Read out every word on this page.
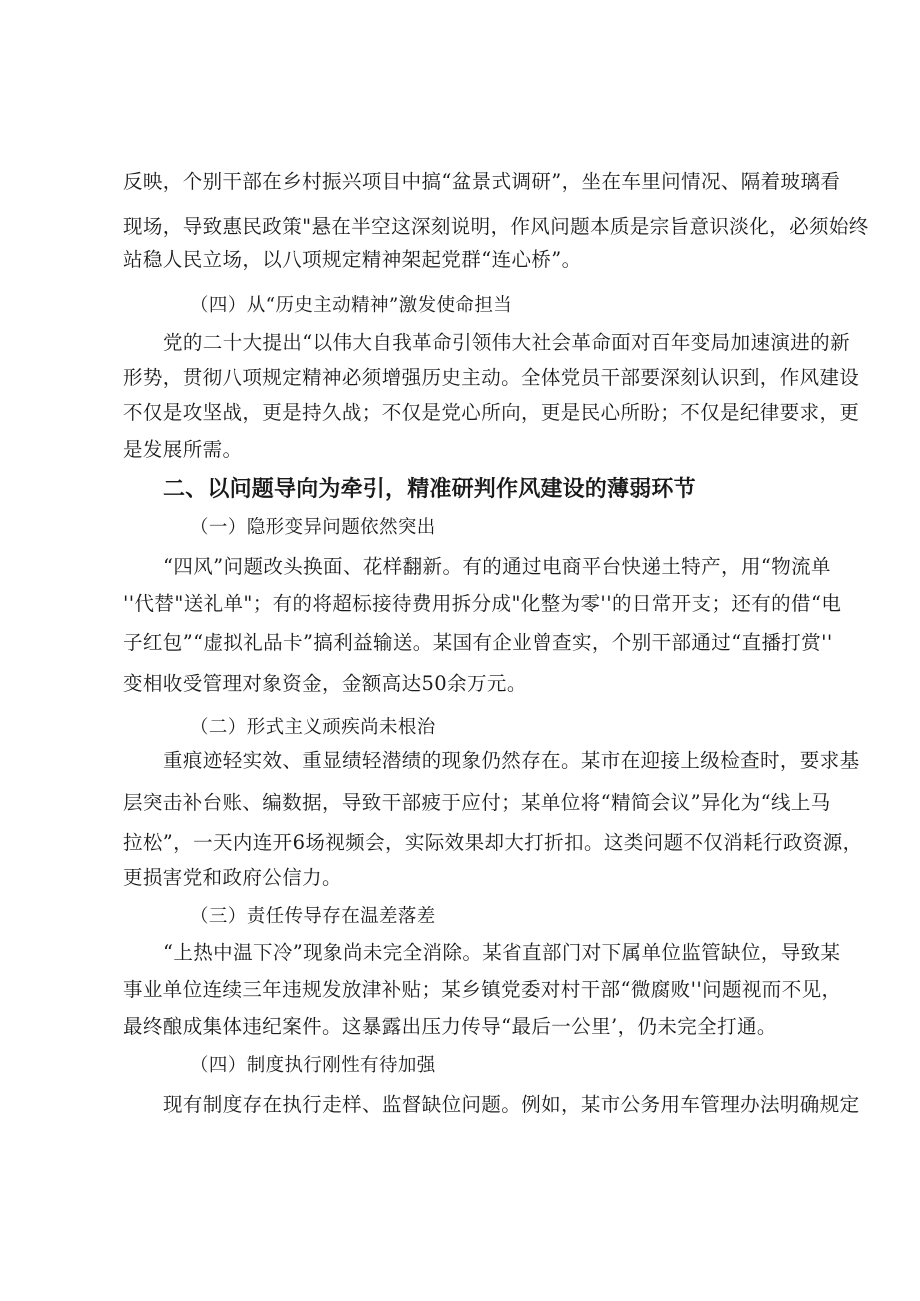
反映，个别干部在乡村振兴项目中搞“盆景式调研”，坐在车里问情况、隔着玻璃看
现场，导致惠民政策"悬在半空这深刻说明，作风问题本质是宗旨意识淡化，必须始终
站稳人民立场，以八项规定精神架起党群“连心桥”。
（四）从“历史主动精神”激发使命担当
党的二十大提出“以伟大自我革命引领伟大社会革命面对百年变局加速演进的新
形势，贯彻八项规定精神必须增强历史主动。全体党员干部要深刻认识到，作风建设
不仅是攻坚战，更是持久战；不仅是党心所向，更是民心所盼；不仅是纪律要求，更
是发展所需。
二、以问题导向为牵引，精准研判作风建设的薄弱环节
（一）隐形变异问题依然突出
“四风”问题改头换面、花样翻新。有的通过电商平台快递土特产，用“物流单
''代替"送礼单"；有的将超标接待费用拆分成"化整为零''的日常开支；还有的借“电
子红包”“虚拟礼品卡”搞利益输送。某国有企业曾查实，个别干部通过“直播打赏''
变相收受管理对象资金，金额高达50余万元。
（二）形式主义顽疾尚未根治
重痕迹轻实效、重显绩轻潜绩的现象仍然存在。某市在迎接上级检查时，要求基
层突击补台账、编数据，导致干部疲于应付；某单位将“精简会议”异化为“线上马
拉松”，一天内连开6场视频会，实际效果却大打折扣。这类问题不仅消耗行政资源，
更损害党和政府公信力。
（三）责任传导存在温差落差
“上热中温下冷”现象尚未完全消除。某省直部门对下属单位监管缺位，导致某
事业单位连续三年违规发放津补贴；某乡镇党委对村干部“微腐败''问题视而不见，
最终酿成集体违纪案件。这暴露出压力传导“最后一公里’，仍未完全打通。
（四）制度执行刚性有待加强
现有制度存在执行走样、监督缺位问题。例如，某市公务用车管理办法明确规定
